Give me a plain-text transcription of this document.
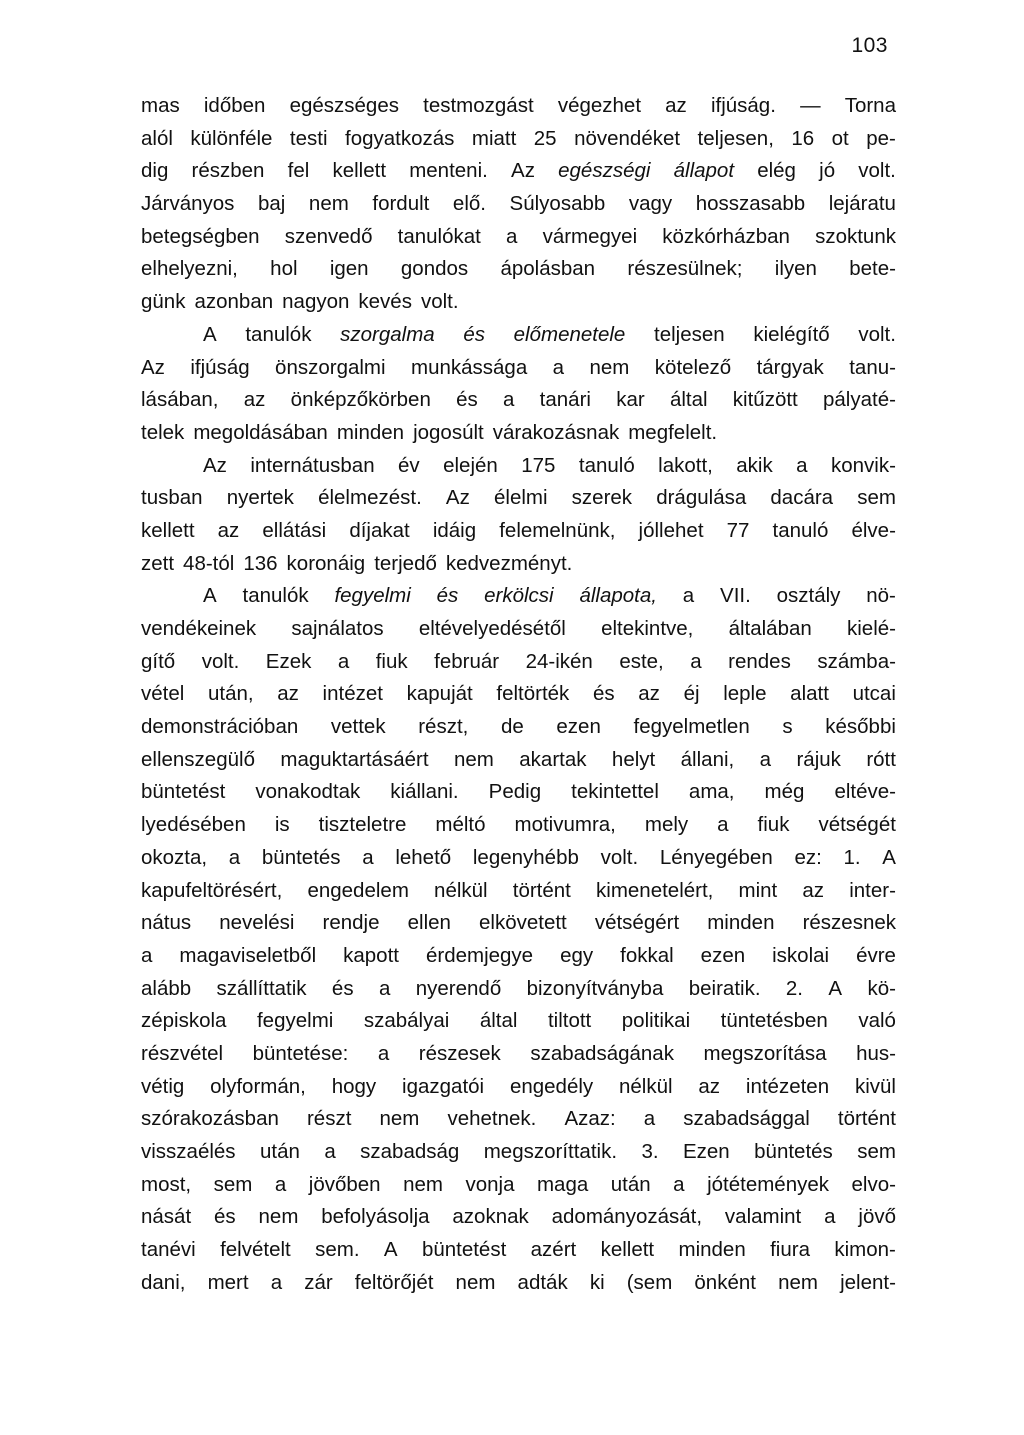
103
mas időben egészséges testmozgást végezhet az ifjúság. — Torna
alól különféle testi fogyatkozás miatt 25 növendéket teljesen, 16 ot pe-
dig részben fel kellett menteni. Az egészségi állapot elég jó volt.
Járványos baj nem fordult elő. Súlyosabb vagy hosszasabb lejáratu
betegségben szenvedő tanulókat a vármegyei közkórházban szoktunk
elhelyezni, hol igen gondos ápolásban részesülnek; ilyen bete-
günk azonban nagyon kevés volt.
A tanulók szorgalma és előmenetele teljesen kielégítő volt.
Az ifjúság önszorgalmi munkássága a nem kötelező tárgyak tanu-
lásában, az önképzőkörben és a tanári kar által kitűzött pályaté-
telek megoldásában minden jogosúlt várakozásnak megfelelt.
Az internátusban év elején 175 tanuló lakott, akik a konvik-
tusban nyertek élelmezést. Az élelmi szerek drágulása dacára sem
kellett az ellátási díjakat idáig felemelnünk, jóllehet 77 tanuló élve-
zett 48-tól 136 koronáig terjedő kedvezményt.
A tanulók fegyelmi és erkölcsi állapota, a VII. osztály nö-
vendékeinek sajnálatos eltévelyedésétől eltekintve, általában kielé-
gítő volt. Ezek a fiuk február 24-ikén este, a rendes számba-
vétel után, az intézet kapuját feltörték és az éj leple alatt utcai
demonstrációban vettek részt, de ezen fegyelmetlen s későbbi
ellenszegülő maguktartásáért nem akartak helyt állani, a rájuk rótt
büntetést vonakodtak kiállani. Pedig tekintettel ama, még eltéve-
lyedésében is tiszteletre méltó motivumra, mely a fiuk vétségét
okozta, a büntetés a lehető legenyhébb volt. Lényegében ez: 1. A
kapufeltörésért, engedelem nélkül történt kimenetelért, mint az inter-
nátus nevelési rendje ellen elkövetett vétségért minden részesnek
a magaviseletből kapott érdemjegye egy fokkal ezen iskolai évre
alább szállíttatik és a nyerendő bizonyítványba beiratik. 2. A kö-
zépiskola fegyelmi szabályai által tiltott politikai tüntetésben való
részvétel büntetése: a részesek szabadságának megszorítása hus-
vétig olyformán, hogy igazgatói engedély nélkül az intézeten kivül
szórakozásban részt nem vehetnek. Azaz: a szabadsággal történt
visszaélés után a szabadság megszoríttatik. 3. Ezen büntetés sem
most, sem a jövőben nem vonja maga után a jótétemények elvo-
nását és nem befolyásolja azoknak adományozását, valamint a jövő
tanévi felvételt sem. A büntetést azért kellett minden fiura kimon-
dani, mert a zár feltörőjét nem adták ki (sem önként nem jelent-
